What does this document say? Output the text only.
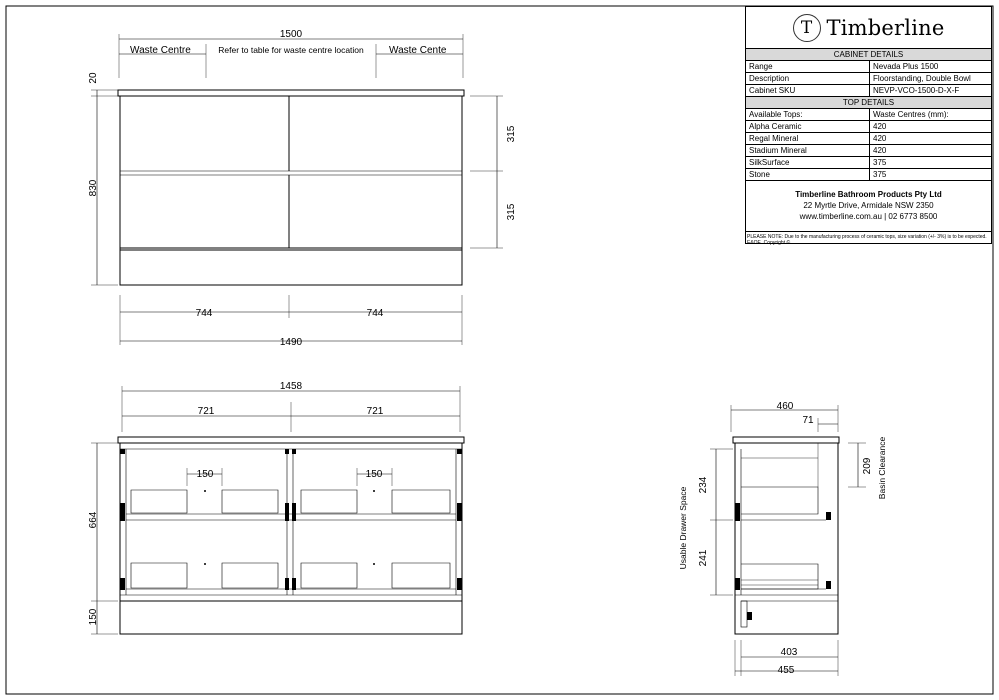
1500
Waste Centre	Refer to table for waste centre location	Waste Cente
20
830
315
315
744	744
1490
1458
721	721
150	150
664
150
460
71
209 Basin Clearance
234
241
Usable Drawer Space
403
455
T Timberline
CABINET DETAILS
Range	Nevada Plus 1500
Description	Floorstanding, Double Bowl
Cabinet SKU	NEVP-VCO-1500-D-X-F
TOP DETAILS
Available Tops:	Waste Centres (mm):
Alpha Ceramic	420
Regal Mineral	420
Stadium Mineral	420
SilkSurface	375
Stone	375
Timberline Bathroom Products Pty Ltd
22 Myrtle Drive, Armidale NSW 2350
www.timberline.com.au | 02 6773 8500
PLEASE NOTE: Due to the manufacturing process of ceramic tops, size variation (+/- 3%) is to be expected. E&OE. Copyright ©
